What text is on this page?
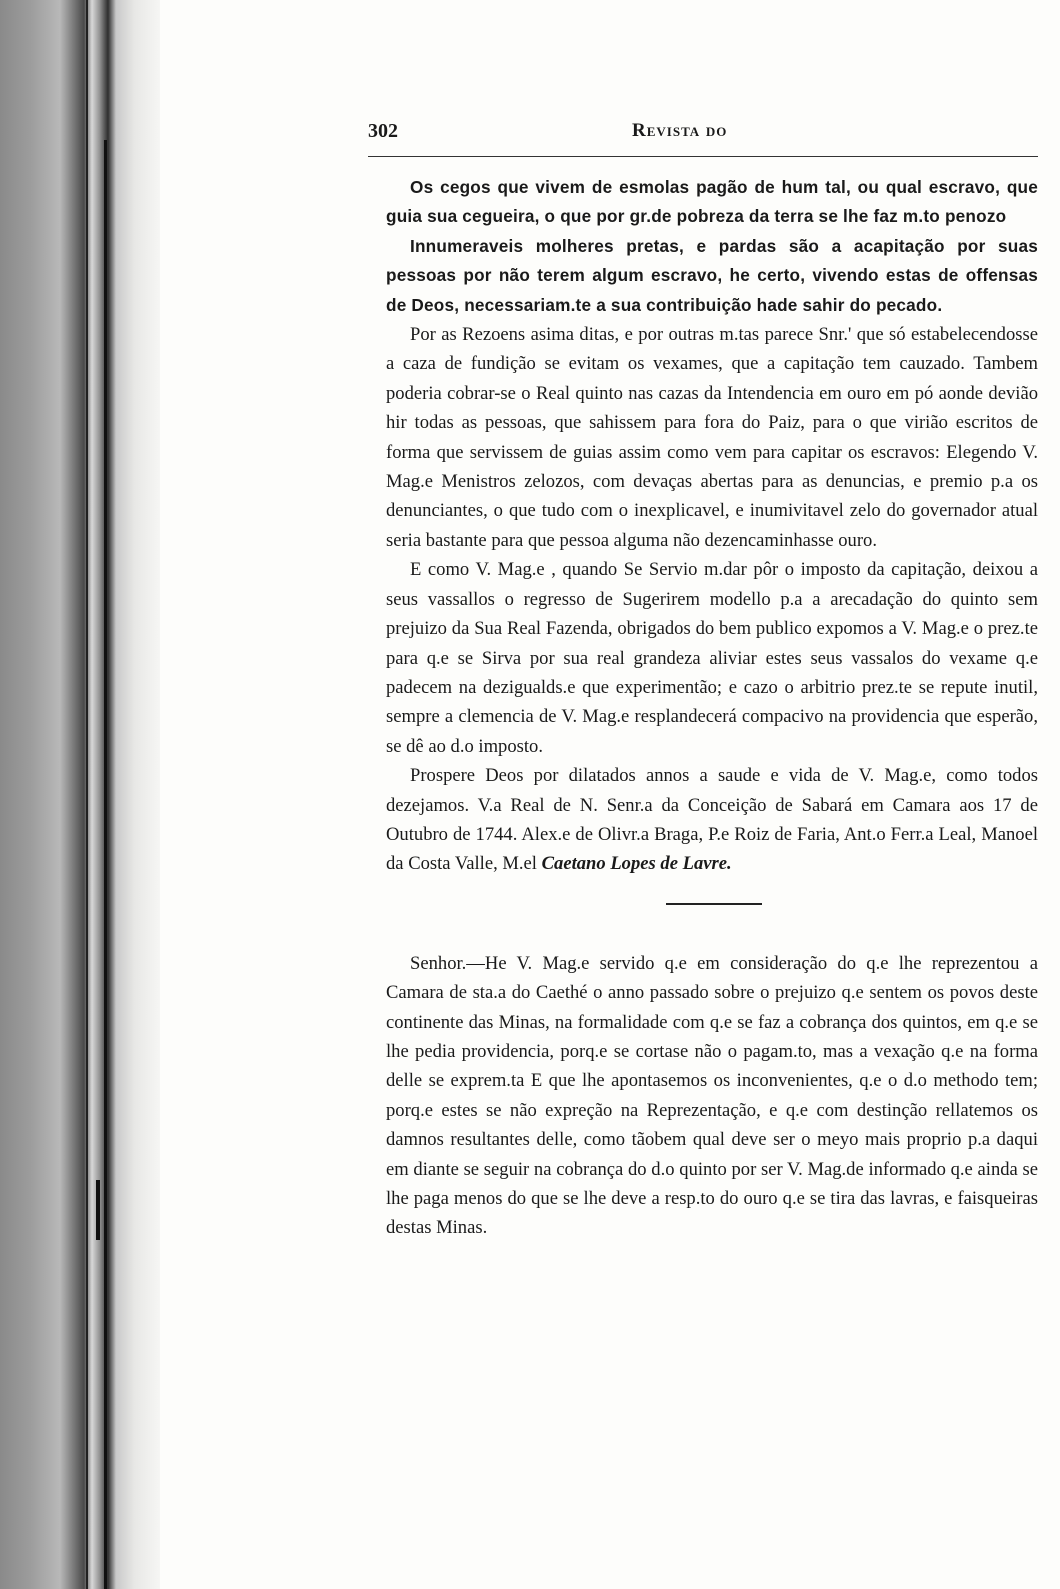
302	Revista do

Os cegos que vivem de esmolas pagão de hum tal, ou qual escravo, que guia sua cegueira, o que por gr.de pobreza da terra se lhe faz m.to penozo

Innumeraveis molheres pretas, e pardas são a acapitação por suas pessoas por não terem algum escravo, he certo, vivendo estas de offensas de Deos, necessariam.te a sua contribuição hade sahir do pecado.

Por as Rezoens asima ditas, e por outras m.tas parece Snr.' que só estabelecendosse a caza de fundição se evitam os vexames, que a capitação tem cauzado. Tambem poderia cobrar-se o Real quinto nas cazas da Intendencia em ouro em pó aonde devião hir todas as pessoas, que sahissem para fora do Paiz, para o que virião escritos de forma que servissem de guias assim como vem para capitar os escravos: Elegendo V. Mag.e Menistros zelozos, com devaças abertas para as denuncias, e premio p.a os denunciantes, o que tudo com o inexplicavel, e inumivitavel zelo do governador atual seria bastante para que pessoa alguma não dezencaminhasse ouro.

E como V. Mag.e , quando Se Servio m.dar pôr o imposto da capitação, deixou a seus vassallos o regresso de Sugerirem modello p.a a arecadação do quinto sem prejuizo da Sua Real Fazenda, obrigados do bem publico expomos a V. Mag.e o prez.te para q.e se Sirva por sua real grandeza aliviar estes seus vassalos do vexame q.e padecem na dezigualds.e que experimentão; e cazo o arbitrio prez.te se repute inutil, sempre a clemencia de V. Mag.e resplandecerá compacivo na providencia que esperão, se dê ao d.o imposto.

Prospere Deos por dilatados annos a saude e vida de V. Mag.e, como todos dezejamos. V.a Real de N. Senr.a da Conceição de Sabará em Camara aos 17 de Outubro de 1744. Alex.e de Olivr.a Braga, P.e Roiz de Faria, Ant.o Ferr.a Leal, Manoel da Costa Valle, M.el Caetano Lopes de Lavre.

Senhor.—He V. Mag.e servido q.e em consideração do q.e lhe reprezentou a Camara de sta.a do Caethé o anno passado sobre o prejuizo q.e sentem os povos deste continente das Minas, na formalidade com q.e se faz a cobrança dos quintos, em q.e se lhe pedia providencia, porq.e se cortase não o pagam.to, mas a vexação q.e na forma delle se exprem.ta E que lhe apontasemos os inconvenientes, q.e o d.o methodo tem; porq.e estes se não expreção na Reprezentação, e q.e com destinção rellatemos os damnos resultantes delle, como tãobem qual deve ser o meyo mais proprio p.a daqui em diante se seguir na cobrança do d.o quinto por ser V. Mag.de informado q.e ainda se lhe paga menos do que se lhe deve a resp.to do ouro q.e se tira das lavras, e faisqueiras destas Minas.
